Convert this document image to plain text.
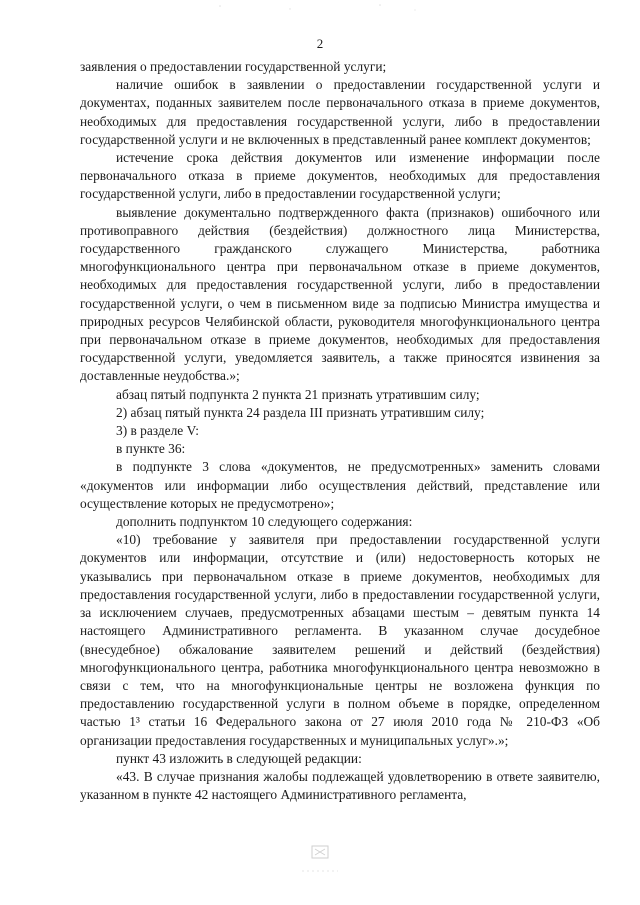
2

заявления о предоставлении государственной услуги;

наличие ошибок в заявлении о предоставлении государственной услуги и документах, поданных заявителем после первоначального отказа в приеме документов, необходимых для предоставления государственной услуги, либо в предоставлении государственной услуги и не включенных в представленный ранее комплект документов;

истечение срока действия документов или изменение информации после первоначального отказа в приеме документов, необходимых для предоставления государственной услуги, либо в предоставлении государственной услуги;

выявление документально подтвержденного факта (признаков) ошибочного или противоправного действия (бездействия) должностного лица Министерства, государственного гражданского служащего Министерства, работника многофункционального центра при первоначальном отказе в приеме документов, необходимых для предоставления государственной услуги, либо в предоставлении государственной услуги, о чем в письменном виде за подписью Министра имущества и природных ресурсов Челябинской области, руководителя многофункционального центра при первоначальном отказе в приеме документов, необходимых для предоставления государственной услуги, уведомляется заявитель, а также приносятся извинения за доставленные неудобства.»;

абзац пятый подпункта 2 пункта 21 признать утратившим силу;

2) абзац пятый пункта 24 раздела III признать утратившим силу;

3) в разделе V:

в пункте 36:

в подпункте 3 слова «документов, не предусмотренных» заменить словами «документов или информации либо осуществления действий, представление или осуществление которых не предусмотрено»;

дополнить подпунктом 10 следующего содержания:

«10) требование у заявителя при предоставлении государственной услуги документов или информации, отсутствие и (или) недостоверность которых не указывались при первоначальном отказе в приеме документов, необходимых для предоставления государственной услуги, либо в предоставлении государственной услуги, за исключением случаев, предусмотренных абзацами шестым – девятым пункта 14 настоящего Административного регламента. В указанном случае досудебное (внесудебное) обжалование заявителем решений и действий (бездействия) многофункционального центра, работника многофункционального центра невозможно в связи с тем, что на многофункциональные центры не возложена функция по предоставлению государственной услуги в полном объеме в порядке, определенном частью 1³ статьи 16 Федерального закона от 27 июля 2010 года № 210-ФЗ «Об организации предоставления государственных и муниципальных услуг».»;

пункт 43 изложить в следующей редакции:

«43. В случае признания жалобы подлежащей удовлетворению в ответе заявителю, указанном в пункте 42 настоящего Административного регламента,
